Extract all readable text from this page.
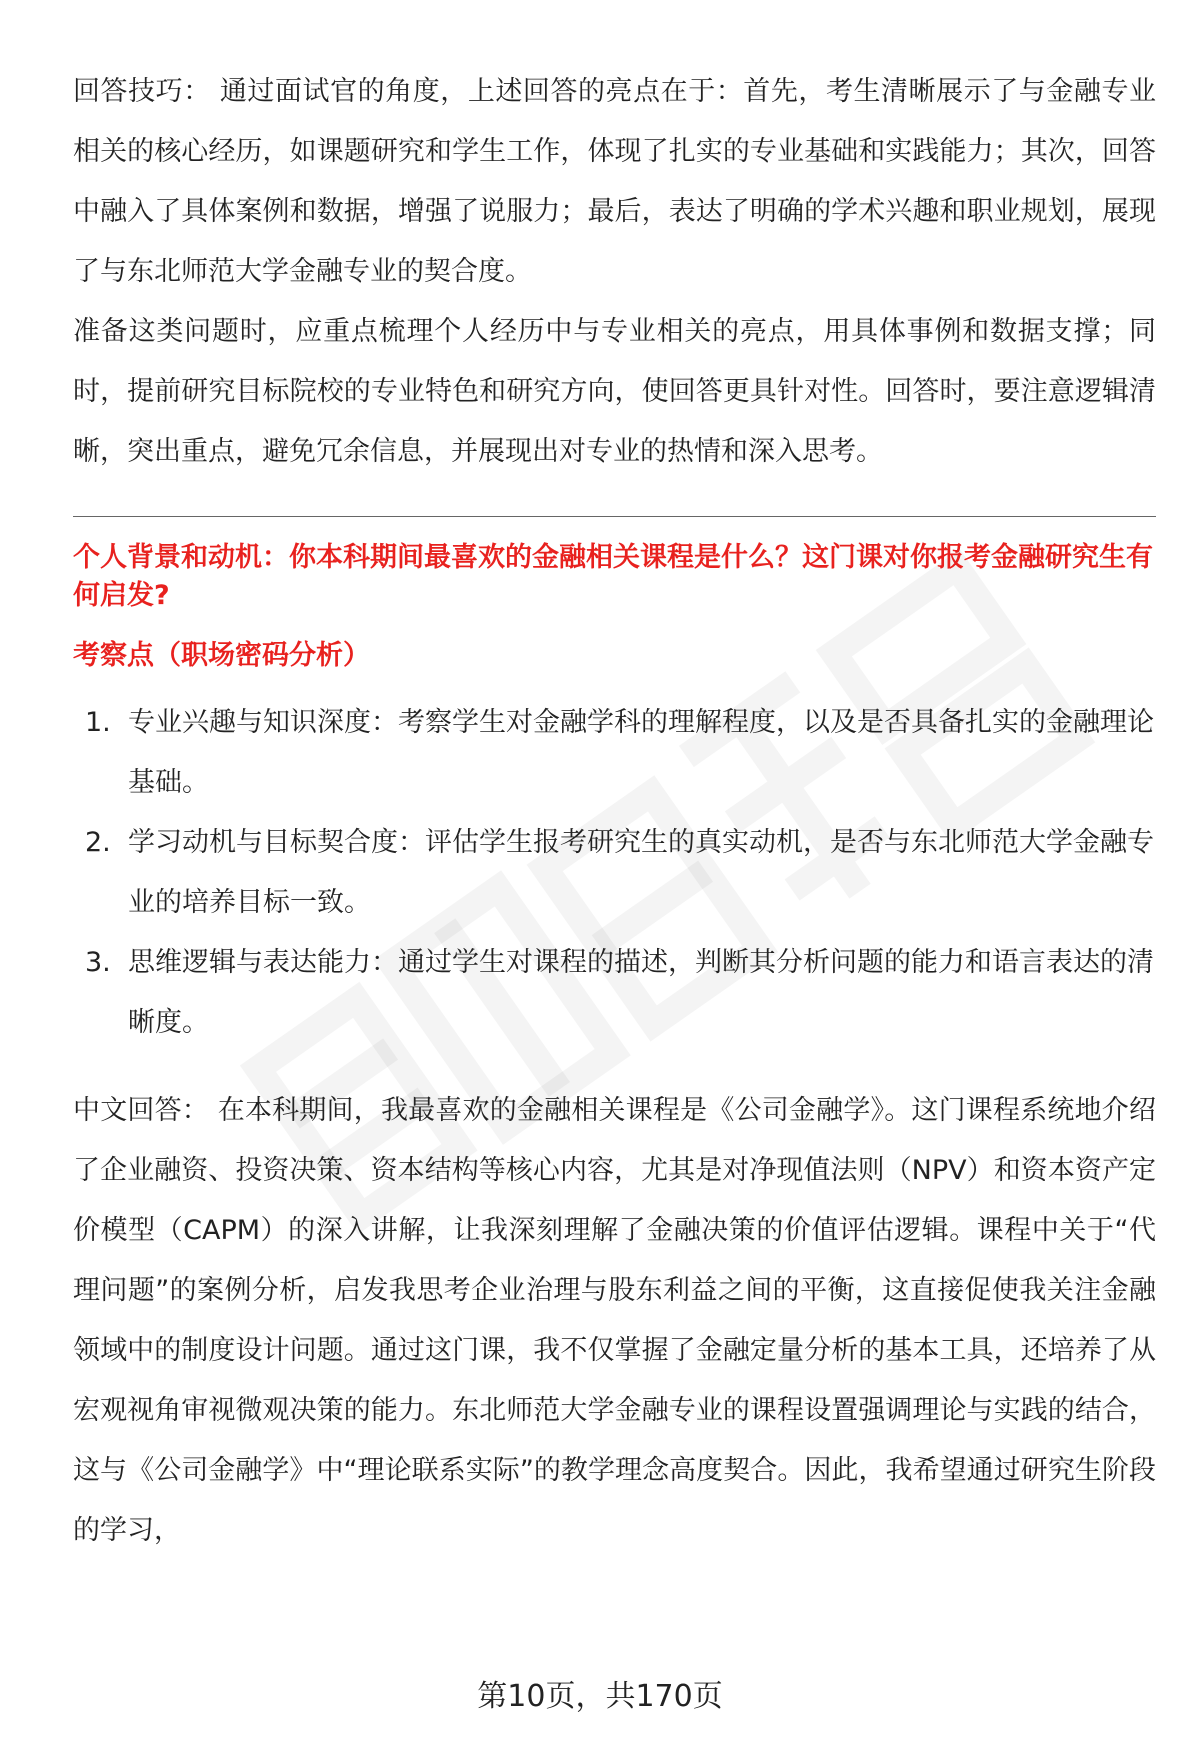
回答技巧： 通过面试官的角度，上述回答的亮点在于：首先，考生清晰展示了与金融专业相关的核心经历，如课题研究和学生工作，体现了扎实的专业基础和实践能力；其次，回答中融入了具体案例和数据，增强了说服力；最后，表达了明确的学术兴趣和职业规划，展现了与东北师范大学金融专业的契合度。

准备这类问题时，应重点梳理个人经历中与专业相关的亮点，用具体事例和数据支撑；同时，提前研究目标院校的专业特色和研究方向，使回答更具针对性。回答时，要注意逻辑清晰，突出重点，避免冗余信息，并展现出对专业的热情和深入思考。

个人背景和动机：你本科期间最喜欢的金融相关课程是什么？这门课对你报考金融研究生有何启发?

考察点（职场密码分析）

1. 专业兴趣与知识深度：考察学生对金融学科的理解程度，以及是否具备扎实的金融理论基础。
2. 学习动机与目标契合度：评估学生报考研究生的真实动机，是否与东北师范大学金融专业的培养目标一致。
3. 思维逻辑与表达能力：通过学生对课程的描述，判断其分析问题的能力和语言表达的清晰度。

中文回答： 在本科期间，我最喜欢的金融相关课程是《公司金融学》。这门课程系统地介绍了企业融资、投资决策、资本结构等核心内容，尤其是对净现值法则（NPV）和资本资产定价模型（CAPM）的深入讲解，让我深刻理解了金融决策的价值评估逻辑。课程中关于“代理问题”的案例分析，启发我思考企业治理与股东利益之间的平衡，这直接促使我关注金融领域中的制度设计问题。通过这门课，我不仅掌握了金融定量分析的基本工具，还培养了从宏观视角审视微观决策的能力。东北师范大学金融专业的课程设置强调理论与实践的结合，这与《公司金融学》中“理论联系实际”的教学理念高度契合。因此，我希望通过研究生阶段的学习，

第10页，共170页
